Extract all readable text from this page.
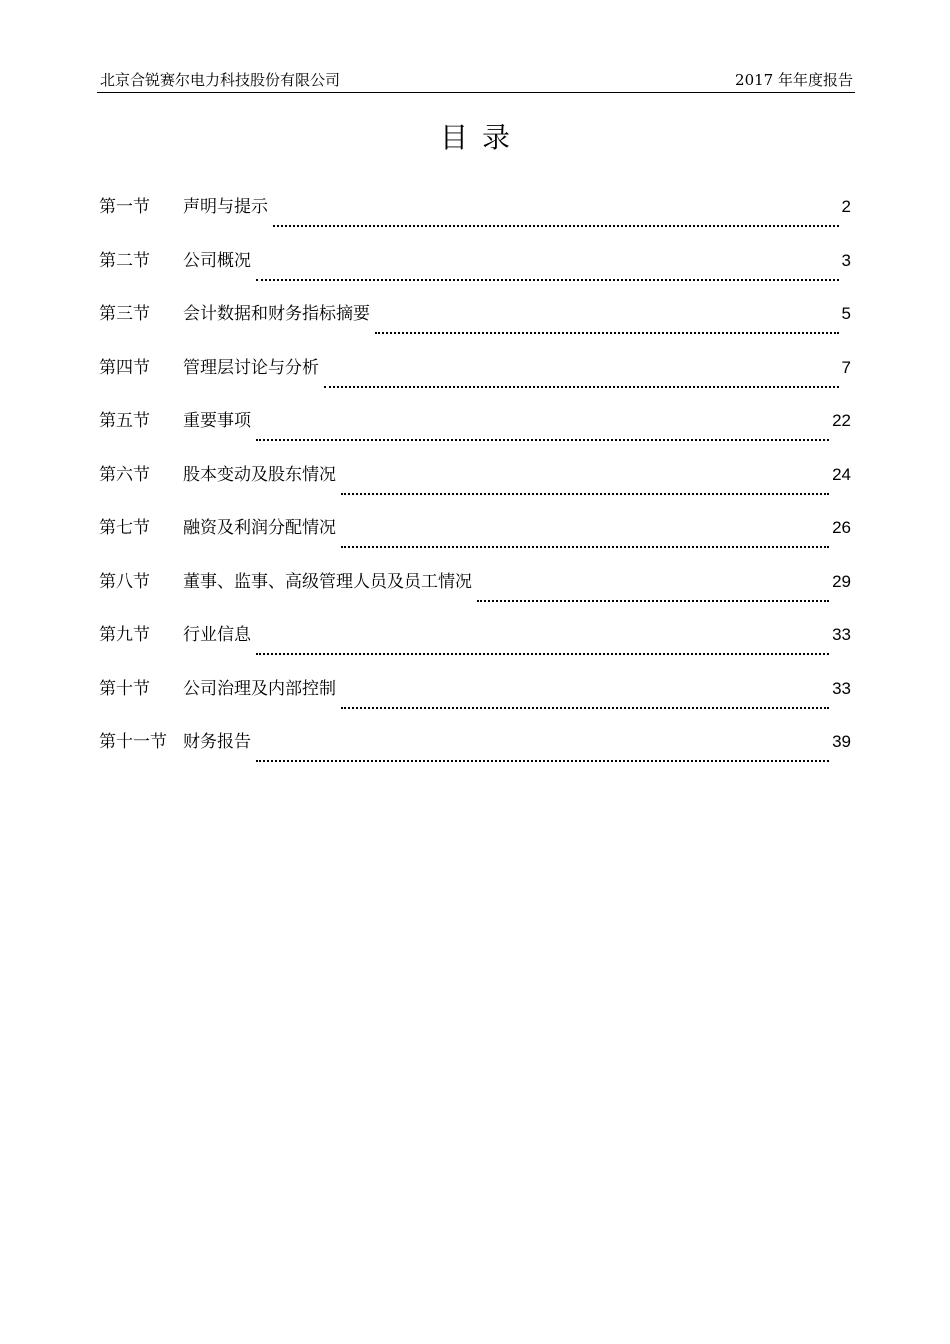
北京合锐赛尔电力科技股份有限公司	2017 年年度报告
目录
第一节	声明与提示	2
第二节	公司概况	3
第三节	会计数据和财务指标摘要	5
第四节	管理层讨论与分析	7
第五节	重要事项	22
第六节	股本变动及股东情况	24
第七节	融资及利润分配情况	26
第八节	董事、监事、高级管理人员及员工情况	29
第九节	行业信息	33
第十节	公司治理及内部控制	33
第十一节 财务报告	39
